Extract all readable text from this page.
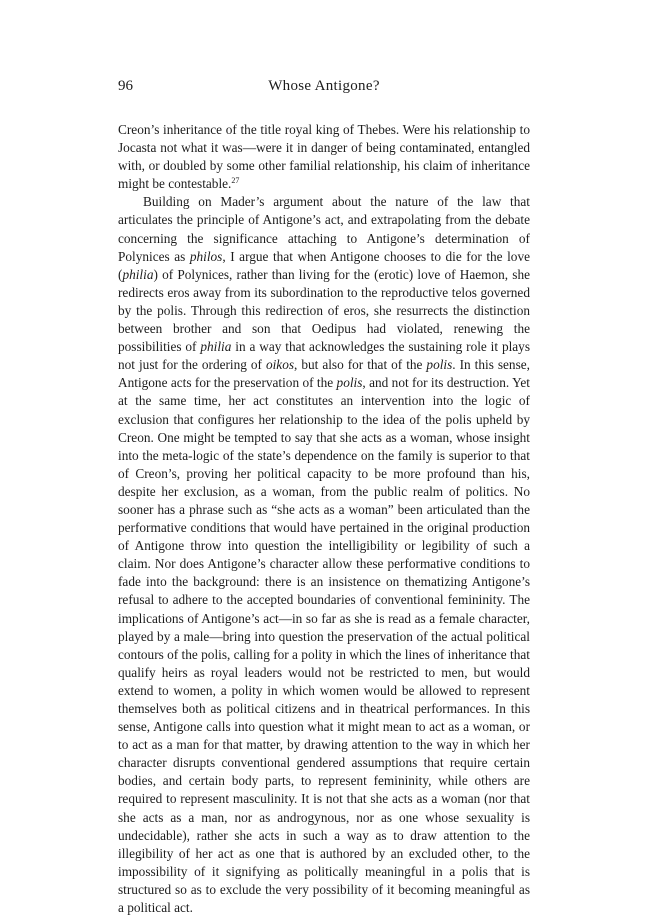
96	Whose Antigone?

Creon’s inheritance of the title royal king of Thebes. Were his relationship to Jocasta not what it was—were it in danger of being contaminated, entangled with, or doubled by some other familial relationship, his claim of inheritance might be contestable.$^{27}$

Building on Mader’s argument about the nature of the law that articulates the principle of Antigone’s act, and extrapolating from the debate concerning the significance attaching to Antigone’s determination of Polynices as philos, I argue that when Antigone chooses to die for the love (philia) of Polynices, rather than living for the (erotic) love of Haemon, she redirects eros away from its subordination to the reproductive telos governed by the polis. Through this redirection of eros, she resurrects the distinction between brother and son that Oedipus had violated, renewing the possibilities of philia in a way that acknowledges the sustaining role it plays not just for the ordering of oikos, but also for that of the polis. In this sense, Antigone acts for the preservation of the polis, and not for its destruction. Yet at the same time, her act constitutes an intervention into the logic of exclusion that configures her relationship to the idea of the polis upheld by Creon. One might be tempted to say that she acts as a woman, whose insight into the meta-logic of the state’s dependence on the family is superior to that of Creon’s, proving her political capacity to be more profound than his, despite her exclusion, as a woman, from the public realm of politics. No sooner has a phrase such as “she acts as a woman” been articulated than the performative conditions that would have pertained in the original production of Antigone throw into question the intelligibility or legibility of such a claim. Nor does Antigone’s character allow these performative conditions to fade into the background: there is an insistence on thematizing Antigone’s refusal to adhere to the accepted boundaries of conventional femininity. The implications of Antigone’s act—in so far as she is read as a female character, played by a male—bring into question the preservation of the actual political contours of the polis, calling for a polity in which the lines of inheritance that qualify heirs as royal leaders would not be restricted to men, but would extend to women, a polity in which women would be allowed to represent themselves both as political citizens and in theatrical performances. In this sense, Antigone calls into question what it might mean to act as a woman, or to act as a man for that matter, by drawing attention to the way in which her character disrupts conventional gendered assumptions that require certain bodies, and certain body parts, to represent femininity, while others are required to represent masculinity. It is not that she acts as a woman (nor that she acts as a man, nor as androgynous, nor as one whose sexuality is undecidable), rather she acts in such a way as to draw attention to the illegibility of her act as one that is authored by an excluded other, to the impossibility of it signifying as politically meaningful in a polis that is structured so as to exclude the very possibility of it becoming meaningful as a political act.
